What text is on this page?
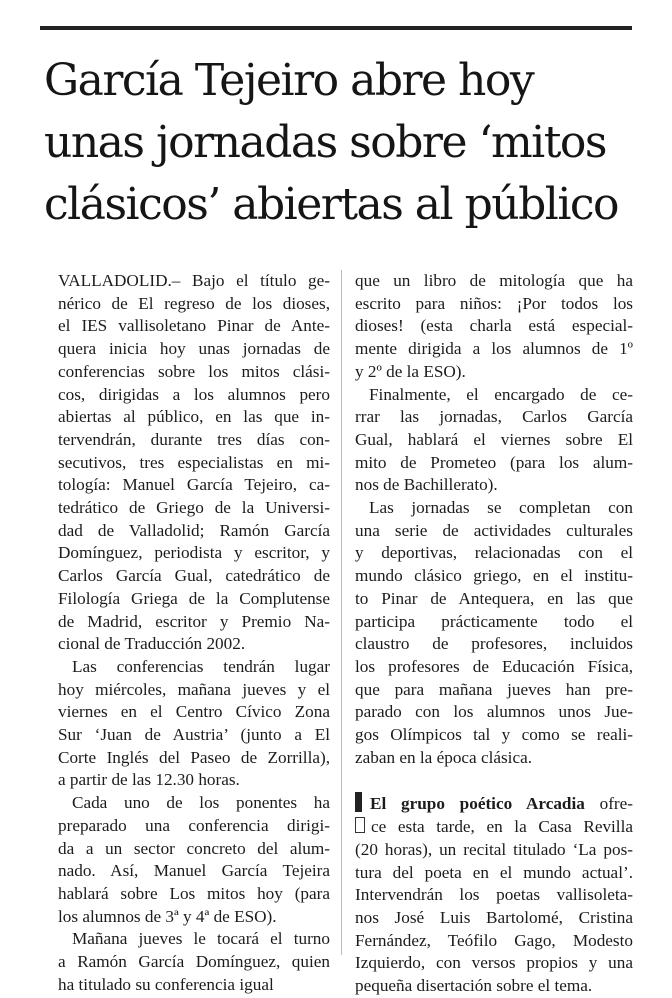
García Tejeiro abre hoy
unas jornadas sobre ‘mitos
clásicos’ abiertas al público
VALLADOLID.– Bajo el título ge-
nérico de El regreso de los dioses,
el IES vallisoletano Pinar de Ante-
quera inicia hoy unas jornadas de
conferencias sobre los mitos clási-
cos, dirigidas a los alumnos pero
abiertas al público, en las que in-
tervendrán, durante tres días con-
secutivos, tres especialistas en mi-
tología: Manuel García Tejeiro, ca-
tedrático de Griego de la Universi-
dad de Valladolid; Ramón García
Domínguez, periodista y escritor, y
Carlos García Gual, catedrático de
Filología Griega de la Complutense
de Madrid, escritor y Premio Na-
cional de Traducción 2002.
Las conferencias tendrán lugar
hoy miércoles, mañana jueves y el
viernes en el Centro Cívico Zona
Sur ‘Juan de Austria’ (junto a El
Corte Inglés del Paseo de Zorrilla),
a partir de las 12.30 horas.
Cada uno de los ponentes ha
preparado una conferencia dirigi-
da a un sector concreto del alum-
nado. Así, Manuel García Tejeira
hablará sobre Los mitos hoy (para
los alumnos de 3ª y 4ª de ESO).
Mañana jueves le tocará el turno
a Ramón García Domínguez, quien
ha titulado su conferencia igual
que un libro de mitología que ha
escrito para niños: ¡Por todos los
dioses! (esta charla está especial-
mente dirigida a los alumnos de 1º
y 2º de la ESO).
Finalmente, el encargado de ce-
rrar las jornadas, Carlos García
Gual, hablará el viernes sobre El
mito de Prometeo (para los alum-
nos de Bachillerato).
Las jornadas se completan con
una serie de actividades culturales
y deportivas, relacionadas con el
mundo clásico griego, en el institu-
to Pinar de Antequera, en las que
participa prácticamente todo el
claustro de profesores, incluidos
los profesores de Educación Física,
que para mañana jueves han pre-
parado con los alumnos unos Jue-
gos Olímpicos tal y como se reali-
zaban en la época clásica.
El grupo poético Arcadia ofre-
ce esta tarde, en la Casa Revilla
(20 horas), un recital titulado ‘La pos-
tura del poeta en el mundo actual’.
Intervendrán los poetas vallisoleta-
nos José Luis Bartolomé, Cristina
Fernández, Teófilo Gago, Modesto
Izquierdo, con versos propios y una
pequeña disertación sobre el tema.
